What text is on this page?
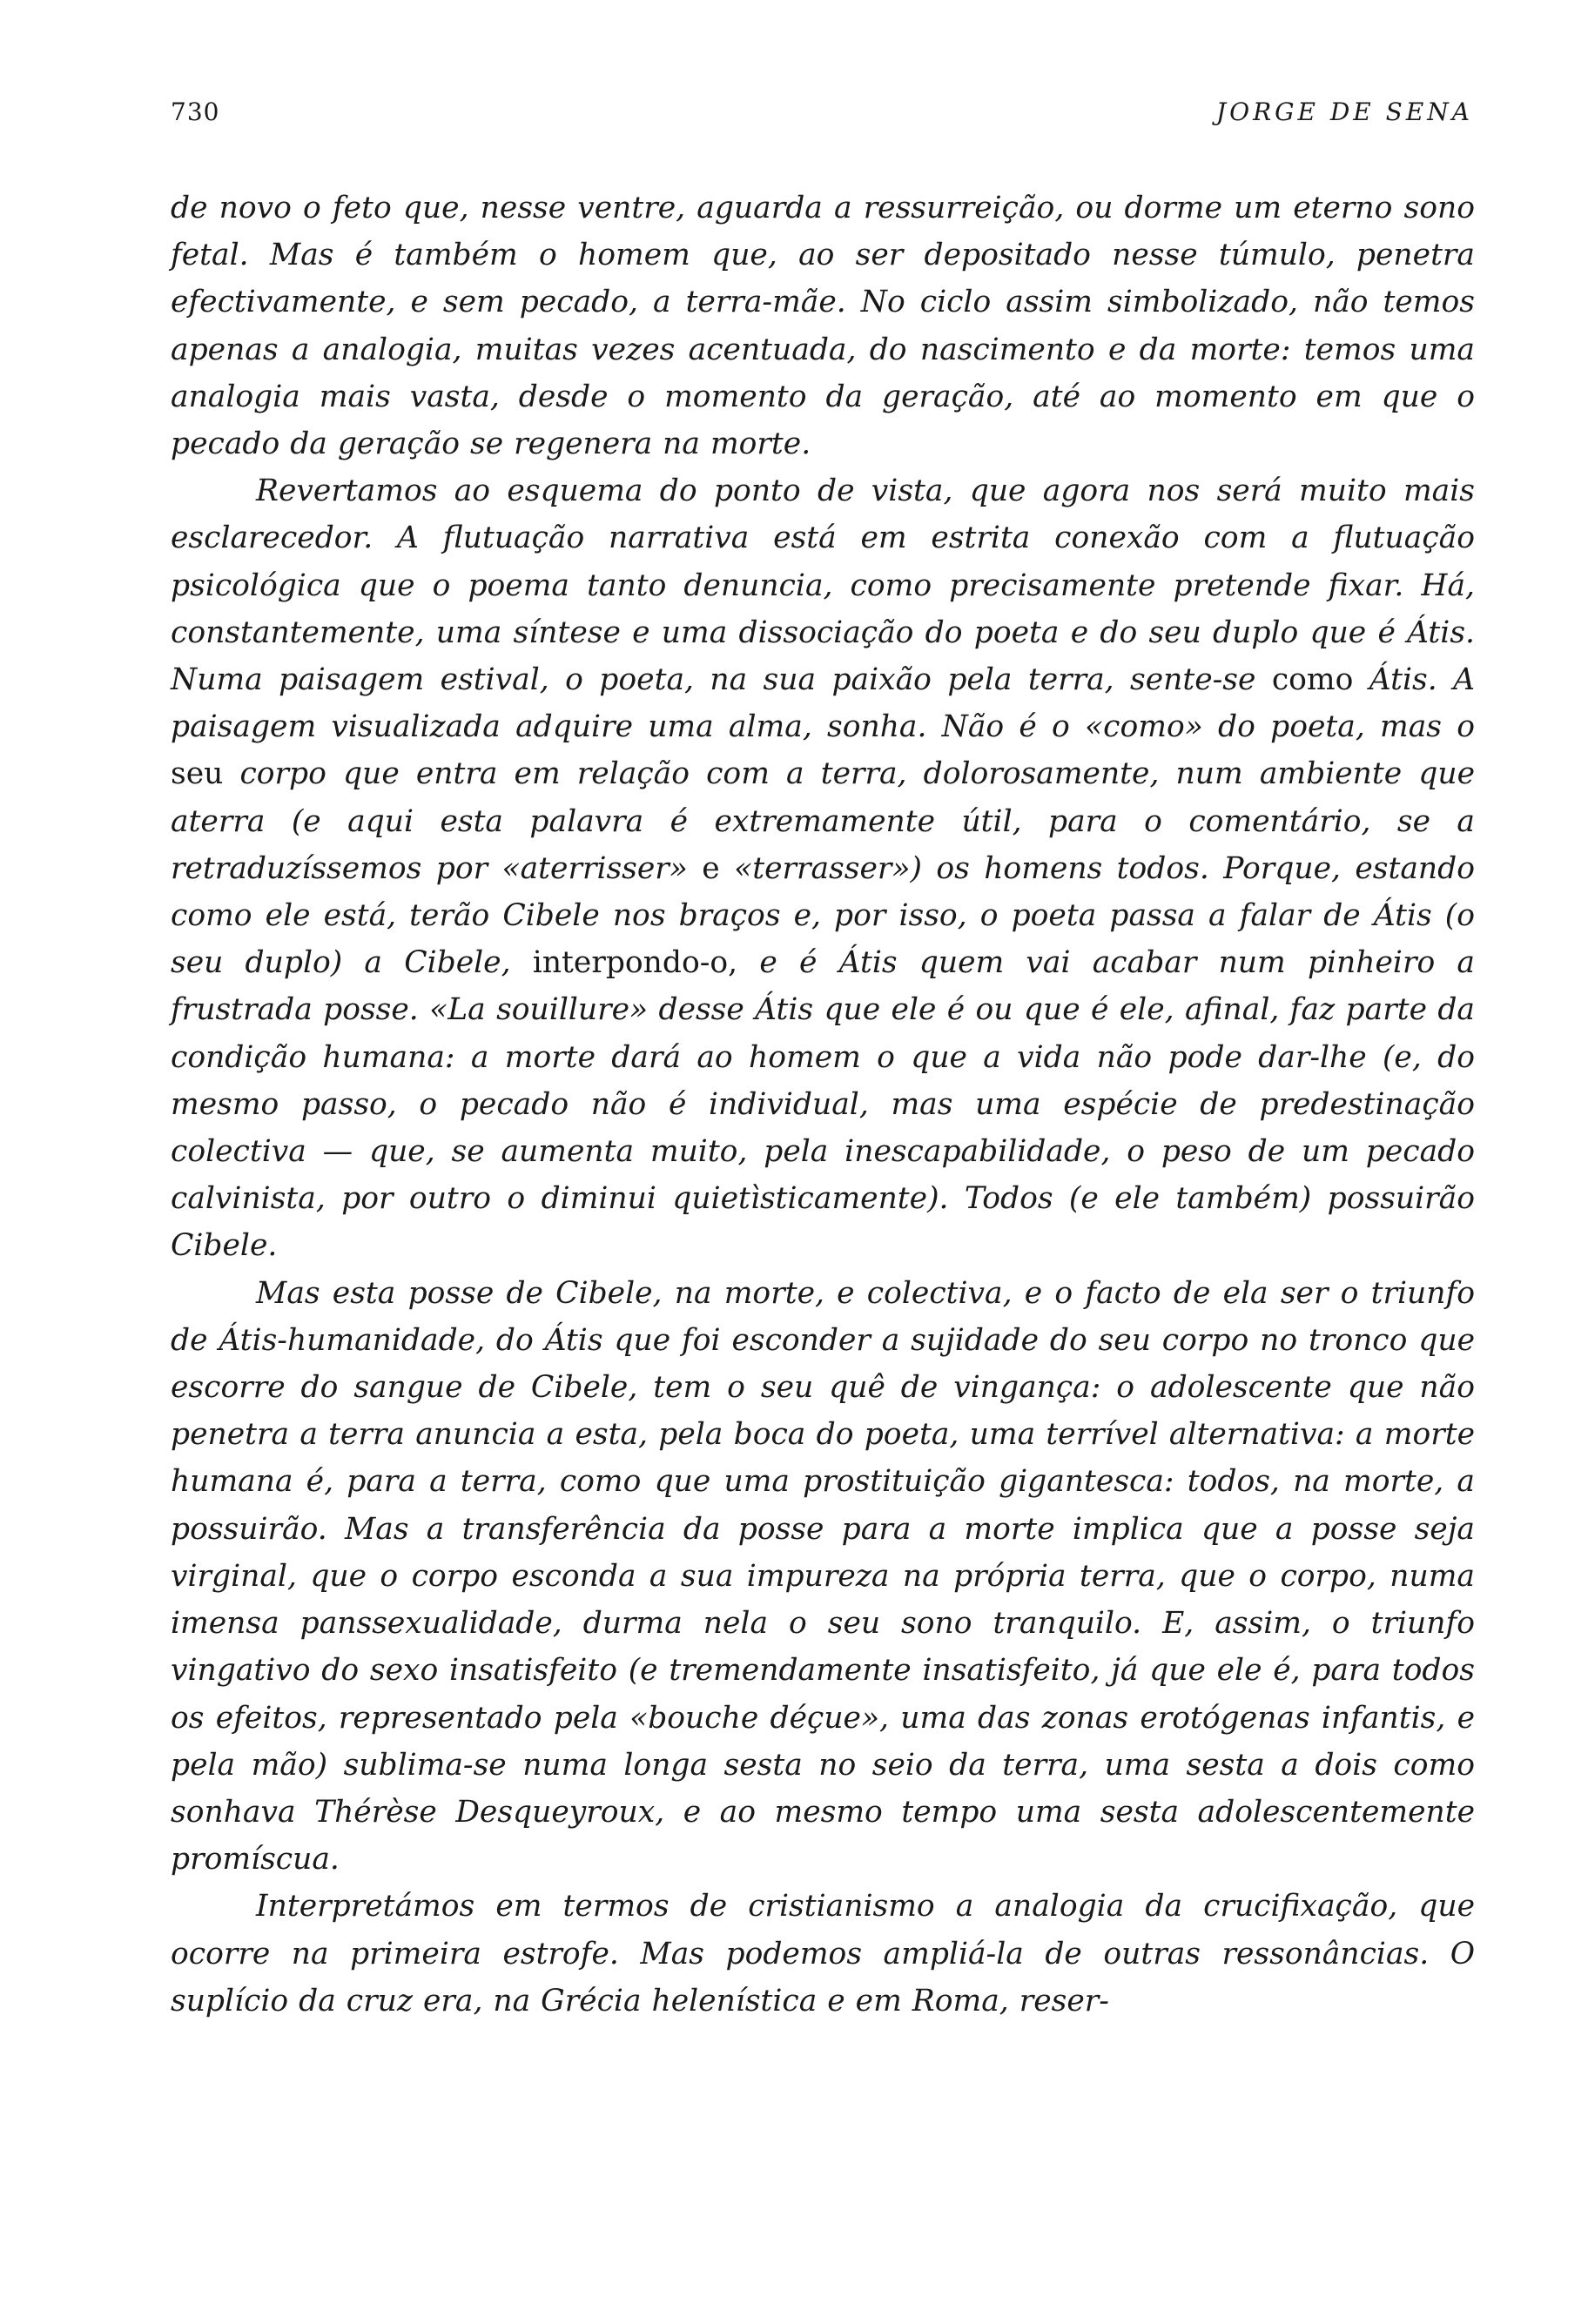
730	JORGE DE SENA

de novo o feto que, nesse ventre, aguarda a ressurreição, ou dorme um eterno sono fetal. Mas é também o homem que, ao ser depositado nesse túmulo, penetra efectivamente, e sem pecado, a terra-mãe. No ciclo assim simbolizado, não temos apenas a analogia, muitas vezes acentuada, do nascimento e da morte: temos uma analogia mais vasta, desde o momento da geração, até ao momento em que o pecado da geração se regenera na morte.

Revertamos ao esquema do ponto de vista, que agora nos será muito mais esclarecedor. A flutuação narrativa está em estrita conexão com a flutuação psicológica que o poema tanto denuncia, como precisamente pretende fixar. Há, constantemente, uma síntese e uma dissociação do poeta e do seu duplo que é Átis. Numa paisagem estival, o poeta, na sua paixão pela terra, sente-se como Átis. A paisagem visualizada adquire uma alma, sonha. Não é o «como» do poeta, mas o seu corpo que entra em relação com a terra, dolorosamente, num ambiente que aterra (e aqui esta palavra é extremamente útil, para o comentário, se a retraduzíssemos por «aterrisser» e «terrasser») os homens todos. Porque, estando como ele está, terão Cibele nos braços e, por isso, o poeta passa a falar de Átis (o seu duplo) a Cibele, interpondo-o, e é Átis quem vai acabar num pinheiro a frustrada posse. «La souillure» desse Átis que ele é ou que é ele, afinal, faz parte da condição humana: a morte dará ao homem o que a vida não pode dar-lhe (e, do mesmo passo, o pecado não é individual, mas uma espécie de predestinação colectiva — que, se aumenta muito, pela inescapabilidade, o peso de um pecado calvinista, por outro o diminui quietìsticamente). Todos (e ele também) possuirão Cibele.

Mas esta posse de Cibele, na morte, e colectiva, e o facto de ela ser o triunfo de Átis-humanidade, do Átis que foi esconder a sujidade do seu corpo no tronco que escorre do sangue de Cibele, tem o seu quê de vingança: o adolescente que não penetra a terra anuncia a esta, pela boca do poeta, uma terrível alternativa: a morte humana é, para a terra, como que uma prostituição gigantesca: todos, na morte, a possuirão. Mas a transferência da posse para a morte implica que a posse seja virginal, que o corpo esconda a sua impureza na própria terra, que o corpo, numa imensa panssexualidade, durma nela o seu sono tranquilo. E, assim, o triunfo vingativo do sexo insatisfeito (e tremendamente insatisfeito, já que ele é, para todos os efeitos, representado pela «bouche déçue», uma das zonas erotógenas infantis, e pela mão) sublima-se numa longa sesta no seio da terra, uma sesta a dois como sonhava Thérèse Desqueyroux, e ao mesmo tempo uma sesta adolescentemente promíscua.

Interpretámos em termos de cristianismo a analogia da crucifixação, que ocorre na primeira estrofe. Mas podemos ampliá-la de outras ressonâncias. O suplício da cruz era, na Grécia helenística e em Roma, reser-
